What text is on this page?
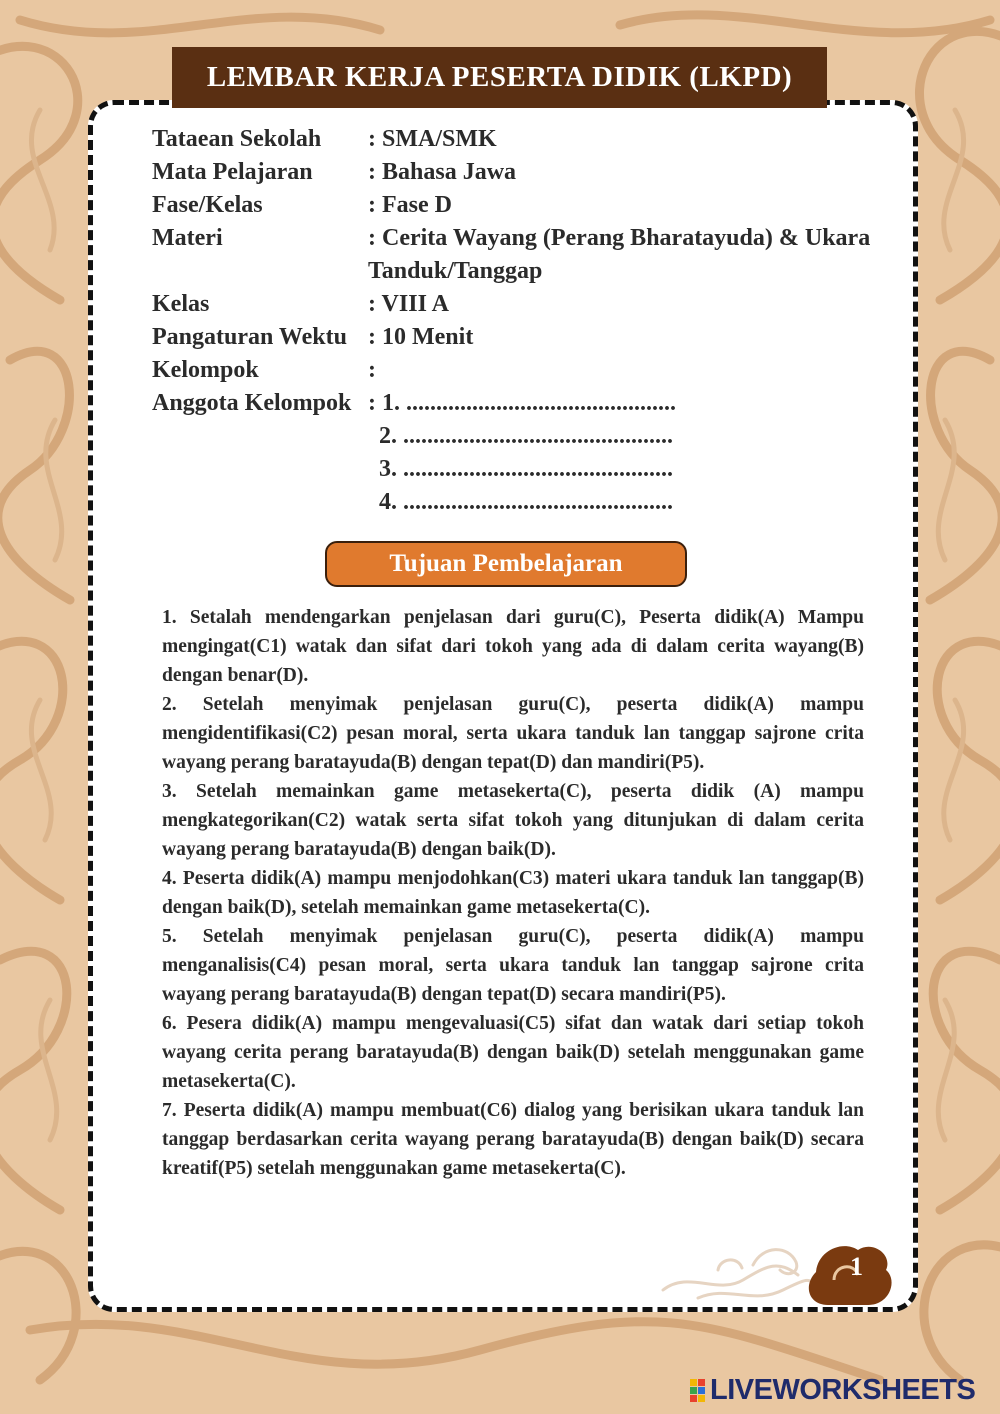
LEMBAR KERJA PESERTA DIDIK (LKPD)
Tataean Sekolah	: SMA/SMK
Mata Pelajaran	: Bahasa Jawa
Fase/Kelas	: Fase D
Materi	: Cerita Wayang (Perang Bharatayuda) & Ukara
Tanduk/Tanggap
Kelas	: VIII A
Pangaturan Wektu : 10 Menit
Kelompok	:
Anggota Kelompok : 1. .............................................
2. .............................................
3. .............................................
4. .............................................
Tujuan Pembelajaran

1. Setalah mendengarkan penjelasan dari guru(C), Peserta didik(A) Mampu mengingat(C1) watak dan sifat dari tokoh yang ada di dalam cerita wayang(B) dengan benar(D).

2. Setelah menyimak penjelasan guru(C), peserta didik(A) mampu mengidentifikasi(C2) pesan moral, serta ukara tanduk lan tanggap sajrone crita wayang perang baratayuda(B) dengan tepat(D) dan mandiri(P5).

3. Setelah memainkan game metasekerta(C), peserta didik (A) mampu mengkategorikan(C2) watak serta sifat tokoh yang ditunjukan di dalam cerita wayang perang baratayuda(B) dengan baik(D).

4. Peserta didik(A) mampu menjodohkan(C3) materi ukara tanduk lan tanggap(B) dengan baik(D), setelah memainkan game metasekerta(C).

5. Setelah menyimak penjelasan guru(C), peserta didik(A) mampu menganalisis(C4) pesan moral, serta ukara tanduk lan tanggap sajrone crita wayang perang baratayuda(B) dengan tepat(D) secara mandiri(P5).

6. Pesera didik(A) mampu mengevaluasi(C5) sifat dan watak dari setiap tokoh wayang cerita perang baratayuda(B) dengan baik(D) setelah menggunakan game metasekerta(C).

7. Peserta didik(A) mampu membuat(C6) dialog yang berisikan ukara tanduk lan tanggap berdasarkan cerita wayang perang baratayuda(B) dengan baik(D) secara kreatif(P5) setelah menggunakan game metasekerta(C).

1
LIVEWORKSHEETS
